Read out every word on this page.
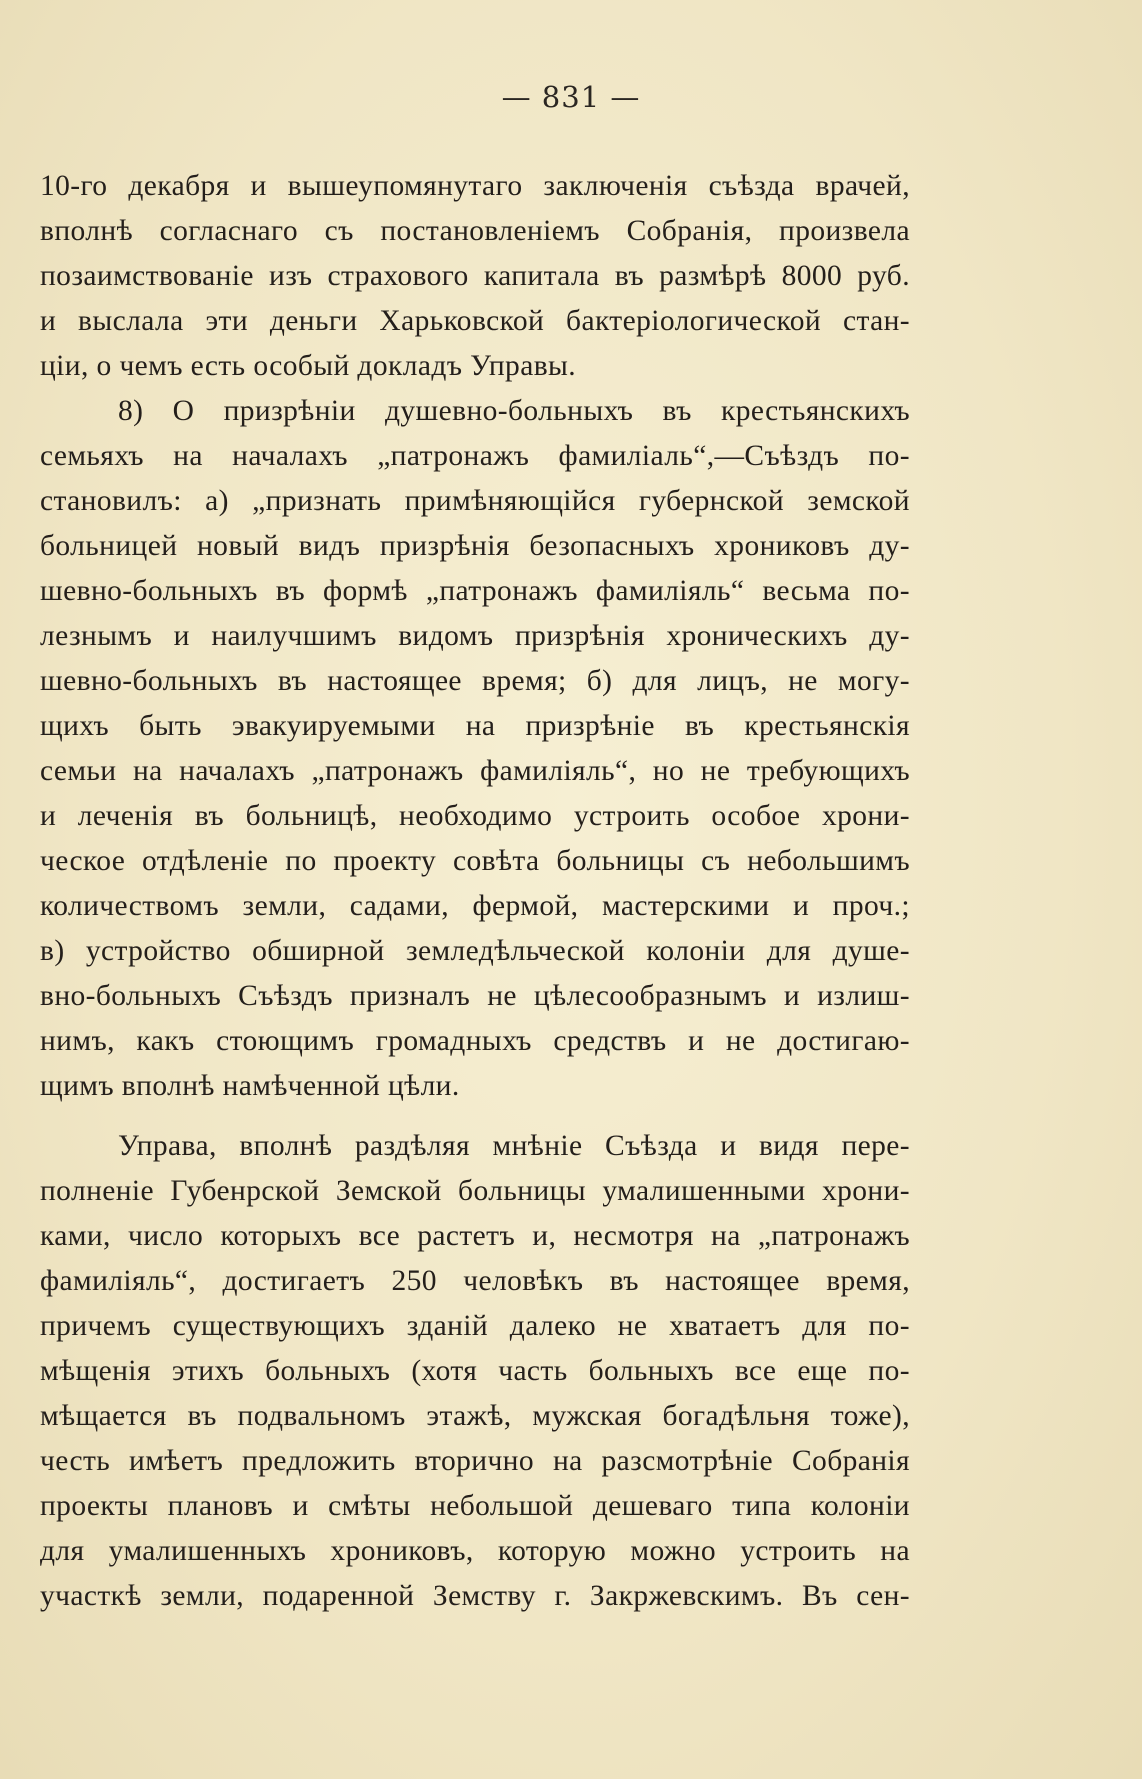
— 831 —
10-го декабря и вышеупомянутаго заключенія съѣзда врачей,
вполнѣ согласнаго съ постановленіемъ Собранія, произвела
позаимствованіе изъ страхового капитала въ размѣрѣ 8000 руб.
и выслала эти деньги Харьковской бактеріологической стан-
ціи, о чемъ есть особый докладъ Управы.
8) О призрѣніи душевно-больныхъ въ крестьянскихъ
семьяхъ на началахъ „патронажъ фамиліаль“,—Съѣздъ по-
становилъ: а) „признать примѣняющійся губернской земской
больницей новый видъ призрѣнія безопасныхъ хрониковъ ду-
шевно-больныхъ въ формѣ „патронажъ фамиліяль“ весьма по-
лезнымъ и наилучшимъ видомъ призрѣнія хроническихъ ду-
шевно-больныхъ въ настоящее время; б) для лицъ, не могу-
щихъ быть эвакуируемыми на призрѣніе въ крестьянскія
семьи на началахъ „патронажъ фамиліяль“, но не требующихъ
и леченія въ больницѣ, необходимо устроить особое хрони-
ческое отдѣленіе по проекту совѣта больницы съ небольшимъ
количествомъ земли, садами, фермой, мастерскими и проч.;
в) устройство обширной земледѣльческой колоніи для душе-
вно-больныхъ Съѣздъ призналъ не цѣлесообразнымъ и излиш-
нимъ, какъ стоющимъ громадныхъ средствъ и не достигаю-
щимъ вполнѣ намѣченной цѣли.
Управа, вполнѣ раздѣляя мнѣніе Съѣзда и видя пере-
полненіе Губенрской Земской больницы умалишенными хрони-
ками, число которыхъ все растетъ и, несмотря на „патронажъ
фамиліяль“, достигаетъ 250 человѣкъ въ настоящее время,
причемъ существующихъ зданій далеко не хватаетъ для по-
мѣщенія этихъ больныхъ (хотя часть больныхъ все еще по-
мѣщается въ подвальномъ этажѣ, мужская богадѣльня тоже),
честь имѣетъ предложить вторично на разсмотрѣніе Собранія
проекты плановъ и смѣты небольшой дешеваго типа колоніи
для умалишенныхъ хрониковъ, которую можно устроить на
участкѣ земли, подаренной Земству г. Закржевскимъ. Въ сен-
